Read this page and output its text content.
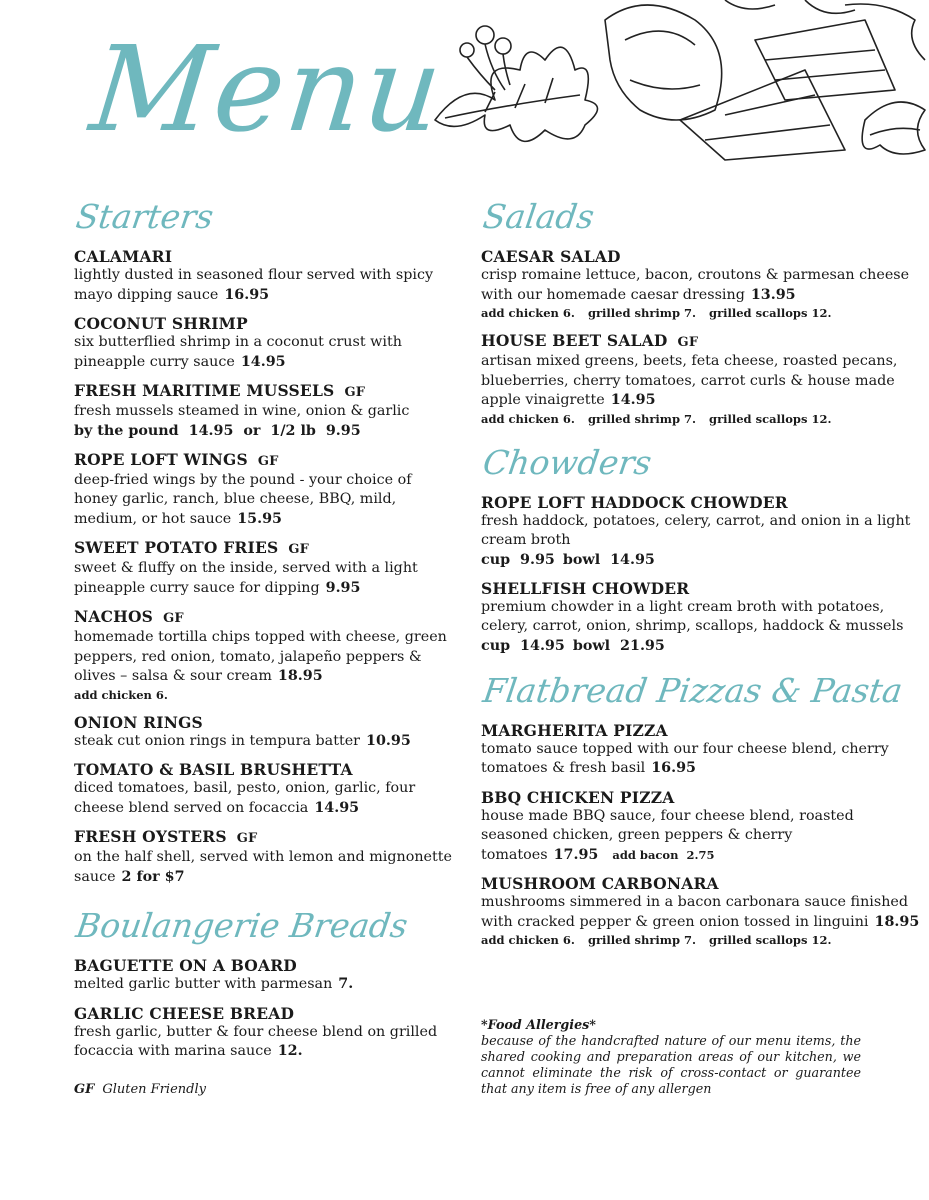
Menu
Starters
CALAMARI
lightly dusted in seasoned flour served with spicy mayo dipping sauce 16.95
COCONUT SHRIMP
six butterflied shrimp in a coconut crust with pineapple curry sauce 14.95
FRESH MARITIME MUSSELS GF
fresh mussels steamed in wine, onion & garlic
by the pound  14.95  or  1/2 lb  9.95
ROPE LOFT WINGS GF
deep-fried wings by the pound - your choice of honey garlic, ranch, blue cheese, BBQ, mild, medium, or hot sauce 15.95
SWEET POTATO FRIES GF
sweet & fluffy on the inside, served with a light pineapple curry sauce for dipping 9.95
NACHOS GF
homemade tortilla chips topped with cheese, green peppers, red onion, tomato, jalapeño peppers & olives – salsa & sour cream 18.95
add chicken 6.
ONION RINGS
steak cut onion rings in tempura batter 10.95
TOMATO & BASIL BRUSHETTA
diced tomatoes, basil, pesto, onion, garlic, four cheese blend served on focaccia 14.95
FRESH OYSTERS GF
on the half shell, served with lemon and mignonette sauce 2 for $7
Boulangerie Breads
BAGUETTE ON A BOARD
melted garlic butter with parmesan 7.
GARLIC CHEESE BREAD
fresh garlic, butter & four cheese blend on grilled focaccia with marina sauce 12.
Salads
CAESAR SALAD
crisp romaine lettuce, bacon, croutons & parmesan cheese with our homemade caesar dressing 13.95
add chicken 6. grilled shrimp 7. grilled scallops 12.
HOUSE BEET SALAD GF
artisan mixed greens, beets, feta cheese, roasted pecans, blueberries, cherry tomatoes, carrot curls & house made apple vinaigrette 14.95
add chicken 6. grilled shrimp 7. grilled scallops 12.
Chowders
ROPE LOFT HADDOCK CHOWDER
fresh haddock, potatoes, celery, carrot, and onion in a light cream broth
cup  9.95 bowl  14.95
SHELLFISH CHOWDER
premium chowder in a light cream broth with potatoes, celery, carrot, onion, shrimp, scallops, haddock & mussels
cup  14.95 bowl  21.95
Flatbread Pizzas & Pasta
MARGHERITA PIZZA
tomato sauce topped with our four cheese blend, cherry tomatoes & fresh basil 16.95
BBQ CHICKEN PIZZA
house made BBQ sauce, four cheese blend, roasted seasoned chicken, green peppers & cherry tomatoes 17.95 add bacon  2.75
MUSHROOM CARBONARA
mushrooms simmered in a bacon carbonara sauce finished with cracked pepper & green onion tossed in linguini 18.95
add chicken 6. grilled shrimp 7. grilled scallops 12.
*Food Allergies*
because of the handcrafted nature of our menu items, the shared cooking and preparation areas of our kitchen, we cannot eliminate the risk of cross-contact or guarantee that any item is free of any allergen
GF Gluten Friendly
